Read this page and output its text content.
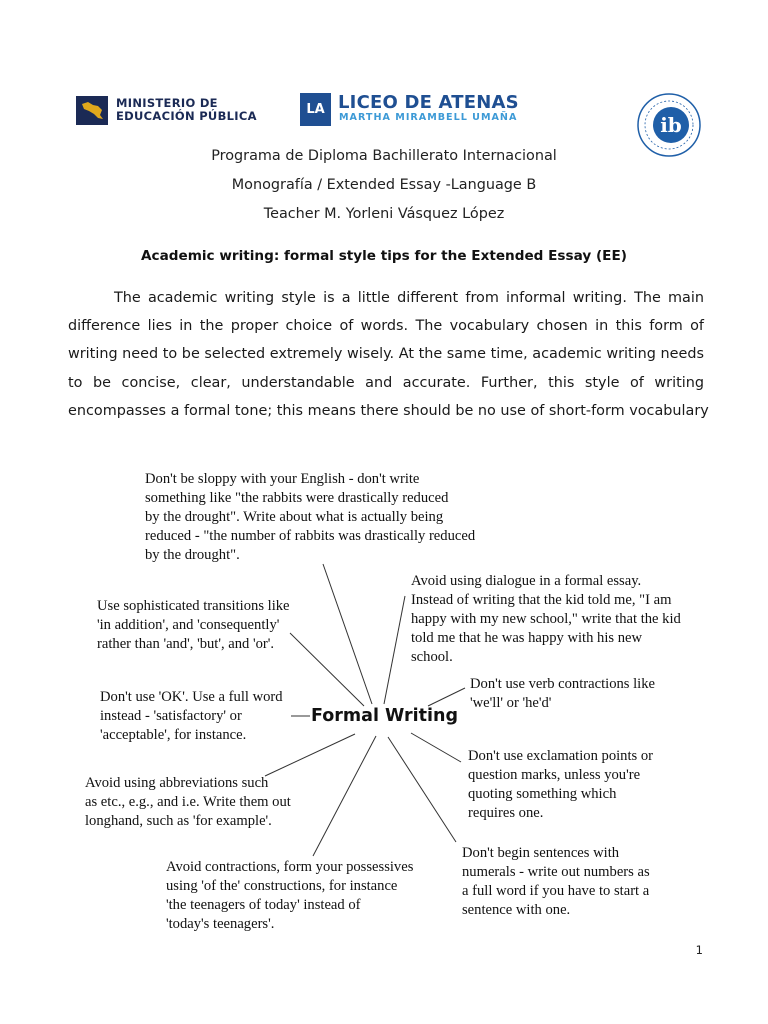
MINISTERIO DE
EDUCACIÓN PÚBLICA	LA LICEO DE ATENAS
MARTHA MIRAMBELL UMAÑA	ib
Programa de Diploma Bachillerato Internacional
Monografía / Extended Essay -Language B
Teacher M. Yorleni Vásquez López
Academic writing: formal style tips for the Extended Essay (EE)
The academic writing style is a little different from informal writing. The main
difference lies in the proper choice of words. The vocabulary chosen in this form of
writing need to be selected extremely wisely. At the same time, academic writing needs
to be concise, clear, understandable and accurate. Further, this style of writing
encompasses a formal tone; this means there should be no use of short-form vocabulary
Formal Writing
Don't be sloppy with your English - don't write
something like "the rabbits were drastically reduced
by the drought". Write about what is actually being
reduced - "the number of rabbits was drastically reduced
by the drought".
Avoid using dialogue in a formal essay.
Instead of writing that the kid told me, "I am
happy with my new school," write that the kid
told me that he was happy with his new
school.
Use sophisticated transitions like
'in addition', and 'consequently'
rather than 'and', 'but', and 'or'.
Don't use verb contractions like
'we'll' or 'he'd'
Don't use 'OK'. Use a full word
instead - 'satisfactory' or
'acceptable', for instance.
Don't use exclamation points or
question marks, unless you're
quoting something which
requires one.
Avoid using abbreviations such
as etc., e.g., and i.e. Write them out
longhand, such as 'for example'.
Don't begin sentences with
numerals - write out numbers as
a full word if you have to start a
sentence with one.
Avoid contractions, form your possessives
using 'of the' constructions, for instance
'the teenagers of today' instead of
'today's teenagers'.
1
